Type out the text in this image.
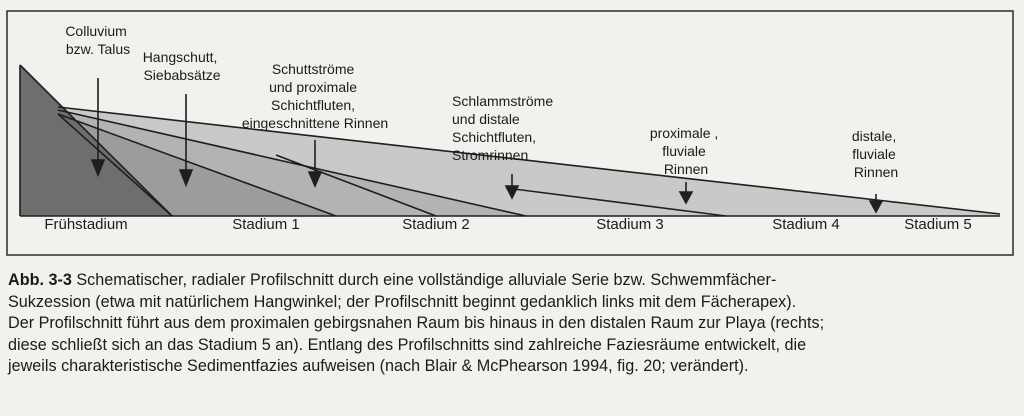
Colluvium bzw. Talus Hangschutt, Siebabsätze	Schuttströme und proximale Schichtfluten, eingeschnittene Rinnen
Schlammströme und distale Schichtfluten, Stromrinnen
proximale , fluviale Rinnen
distale, fluviale Rinnen
Frühstadium	Stadium 1	Stadium 2	Stadium 3	Stadium 4	Stadium 5
Abb. 3-3 Schematischer, radialer Profilschnitt durch eine vollständige alluviale Serie bzw. Schwemmfächer-
Sukzession (etwa mit natürlichem Hangwinkel; der Profilschnitt beginnt gedanklich links mit dem Fächerapex).
Der Profilschnitt führt aus dem proximalen gebirgsnahen Raum bis hinaus in den distalen Raum zur Playa (rechts;
diese schließt sich an das Stadium 5 an). Entlang des Profilschnitts sind zahlreiche Faziesräume entwickelt, die
jeweils charakteristische Sedimentfazies aufweisen (nach Blair & McPhearson 1994, fig. 20; verändert).
